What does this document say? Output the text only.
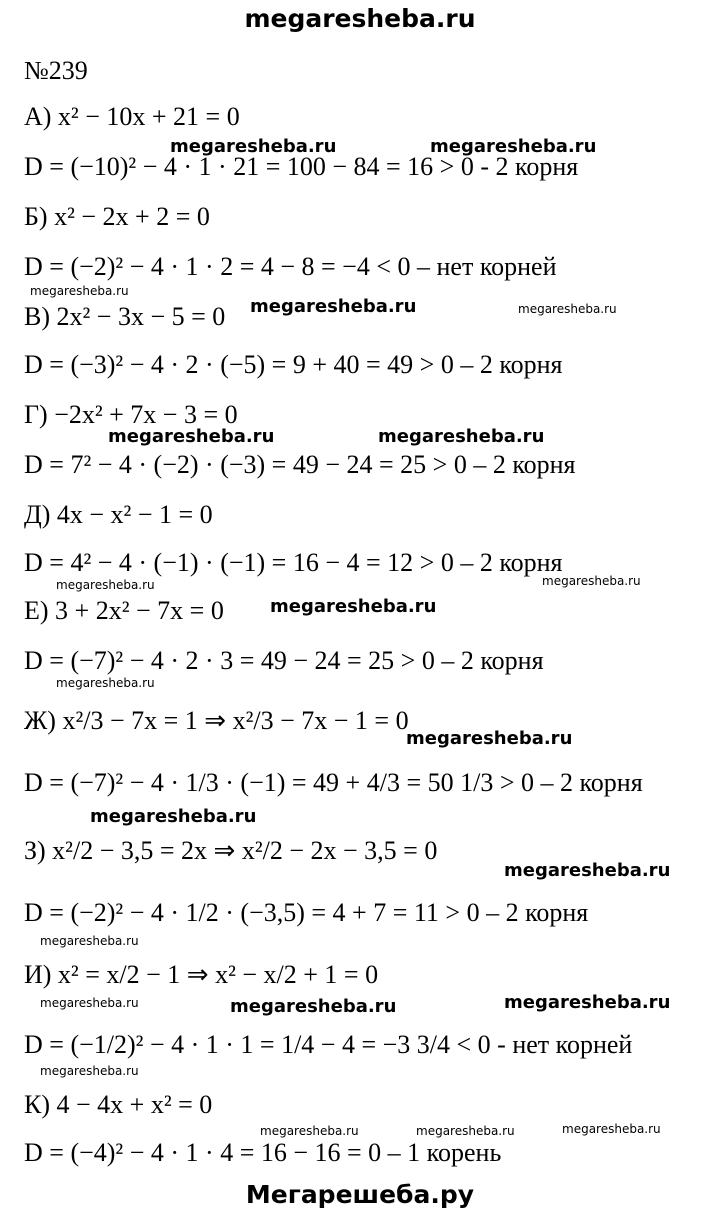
megaresheba.ru
№239
А) x² − 10x + 21 = 0
D = (−10)² − 4 · 1 · 21 = 100 − 84 = 16 > 0 - 2 корня
Б) x² − 2x + 2 = 0
D = (−2)² − 4 · 1 · 2 = 4 − 8 = −4 < 0 – нет корней
В) 2x² − 3x − 5 = 0
D = (−3)² − 4 · 2 · (−5) = 9 + 40 = 49 > 0 – 2 корня
Г) −2x² + 7x − 3 = 0
D = 7² − 4 · (−2) · (−3) = 49 − 24 = 25 > 0 – 2 корня
Д) 4x − x² − 1 = 0
D = 4² − 4 · (−1) · (−1) = 16 − 4 = 12 > 0 – 2 корня
Е) 3 + 2x² − 7x = 0
D = (−7)² − 4 · 2 · 3 = 49 − 24 = 25 > 0 – 2 корня
Ж) x²/3 − 7x = 1 ⇒ x²/3 − 7x − 1 = 0
D = (−7)² − 4 · 1/3 · (−1) = 49 + 4/3 = 50 1/3 > 0 – 2 корня
З) x²/2 − 3,5 = 2x ⇒ x²/2 − 2x − 3,5 = 0
D = (−2)² − 4 · 1/2 · (−3,5) = 4 + 7 = 11 > 0 – 2 корня
И) x² = x/2 − 1 ⇒ x² − x/2 + 1 = 0
D = (−1/2)² − 4 · 1 · 1 = 1/4 − 4 = −3 3/4 < 0 - нет корней
К) 4 − 4x + x² = 0
D = (−4)² − 4 · 1 · 4 = 16 − 16 = 0 – 1 корень
megaresheba.ru	megaresheba.ru
megaresheba.ru
megaresheba.ru	megaresheba.ru
megaresheba.ru	megaresheba.ru
megaresheba.ru	megaresheba.ru
megaresheba.ru
megaresheba.ru
megaresheba.ru
megaresheba.ru
megaresheba.ru
megaresheba.ru
megaresheba.ru	megaresheba.ru	megaresheba.ru
megaresheba.ru
megaresheba.ru	megaresheba.ru	megaresheba.ru
Мегарешеба.ру
